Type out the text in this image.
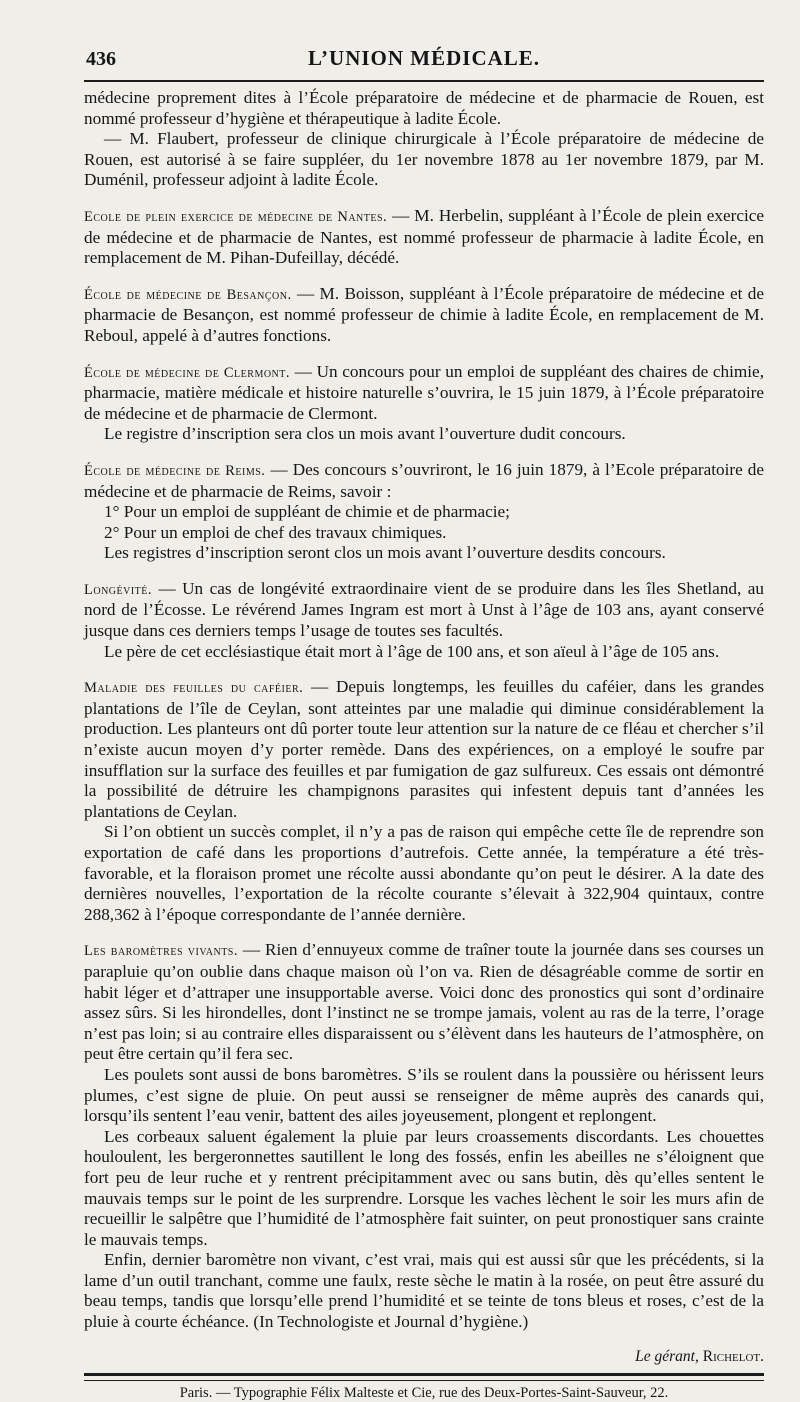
436	L’UNION MÉDICALE.

médecine proprement dites à l’École préparatoire de médecine et de pharmacie de Rouen, est nommé professeur d’hygiène et thérapeutique à ladite École.

— M. Flaubert, professeur de clinique chirurgicale à l’École préparatoire de médecine de Rouen, est autorisé à se faire suppléer, du 1er novembre 1878 au 1er novembre 1879, par M. Duménil, professeur adjoint à ladite École.

Ecole de plein exercice de médecine de Nantes. — M. Herbelin, suppléant à l’École de plein exercice de médecine et de pharmacie de Nantes, est nommé professeur de pharmacie à ladite École, en remplacement de M. Pihan-Dufeillay, décédé.

École de médecine de Besançon. — M. Boisson, suppléant à l’École préparatoire de médecine et de pharmacie de Besançon, est nommé professeur de chimie à ladite École, en remplacement de M. Reboul, appelé à d’autres fonctions.

École de médecine de Clermont. — Un concours pour un emploi de suppléant des chaires de chimie, pharmacie, matière médicale et histoire naturelle s’ouvrira, le 15 juin 1879, à l’École préparatoire de médecine et de pharmacie de Clermont.

Le registre d’inscription sera clos un mois avant l’ouverture dudit concours.

École de médecine de Reims. — Des concours s’ouvriront, le 16 juin 1879, à l’Ecole préparatoire de médecine et de pharmacie de Reims, savoir :

1° Pour un emploi de suppléant de chimie et de pharmacie;

2° Pour un emploi de chef des travaux chimiques.

Les registres d’inscription seront clos un mois avant l’ouverture desdits concours.

Longévité. — Un cas de longévité extraordinaire vient de se produire dans les îles Shetland, au nord de l’Écosse. Le révérend James Ingram est mort à Unst à l’âge de 103 ans, ayant conservé jusque dans ces derniers temps l’usage de toutes ses facultés.

Le père de cet ecclésiastique était mort à l’âge de 100 ans, et son aïeul à l’âge de 105 ans.

Maladie des feuilles du caféier. — Depuis longtemps, les feuilles du caféier, dans les grandes plantations de l’île de Ceylan, sont atteintes par une maladie qui diminue considérablement la production. Les planteurs ont dû porter toute leur attention sur la nature de ce fléau et chercher s’il n’existe aucun moyen d’y porter remède. Dans des expériences, on a employé le soufre par insufflation sur la surface des feuilles et par fumigation de gaz sulfureux. Ces essais ont démontré la possibilité de détruire les champignons parasites qui infestent depuis tant d’années les plantations de Ceylan.

Si l’on obtient un succès complet, il n’y a pas de raison qui empêche cette île de reprendre son exportation de café dans les proportions d’autrefois. Cette année, la température a été très-favorable, et la floraison promet une récolte aussi abondante qu’on peut le désirer. A la date des dernières nouvelles, l’exportation de la récolte courante s’élevait à 322,904 quintaux, contre 288,362 à l’époque correspondante de l’année dernière.

Les baromètres vivants. — Rien d’ennuyeux comme de traîner toute la journée dans ses courses un parapluie qu’on oublie dans chaque maison où l’on va. Rien de désagréable comme de sortir en habit léger et d’attraper une insupportable averse. Voici donc des pronostics qui sont d’ordinaire assez sûrs. Si les hirondelles, dont l’instinct ne se trompe jamais, volent au ras de la terre, l’orage n’est pas loin; si au contraire elles disparaissent ou s’élèvent dans les hauteurs de l’atmosphère, on peut être certain qu’il fera sec.

Les poulets sont aussi de bons baromètres. S’ils se roulent dans la poussière ou hérissent leurs plumes, c’est signe de pluie. On peut aussi se renseigner de même auprès des canards qui, lorsqu’ils sentent l’eau venir, battent des ailes joyeusement, plongent et replongent.

Les corbeaux saluent également la pluie par leurs croassements discordants. Les chouettes houloulent, les bergeronnettes sautillent le long des fossés, enfin les abeilles ne s’éloignent que fort peu de leur ruche et y rentrent précipitamment avec ou sans butin, dès qu’elles sentent le mauvais temps sur le point de les surprendre. Lorsque les vaches lèchent le soir les murs afin de recueillir le salpêtre que l’humidité de l’atmosphère fait suinter, on peut pronostiquer sans crainte le mauvais temps.

Enfin, dernier baromètre non vivant, c’est vrai, mais qui est aussi sûr que les précédents, si la lame d’un outil tranchant, comme une faulx, reste sèche le matin à la rosée, on peut être assuré du beau temps, tandis que lorsqu’elle prend l’humidité et se teinte de tons bleus et roses, c’est de la pluie à courte échéance. (In Technologiste et Journal d’hygiène.)

Le gérant, Richelot.
Paris. — Typographie Félix Malteste et Cie, rue des Deux-Portes-Saint-Sauveur, 22.
